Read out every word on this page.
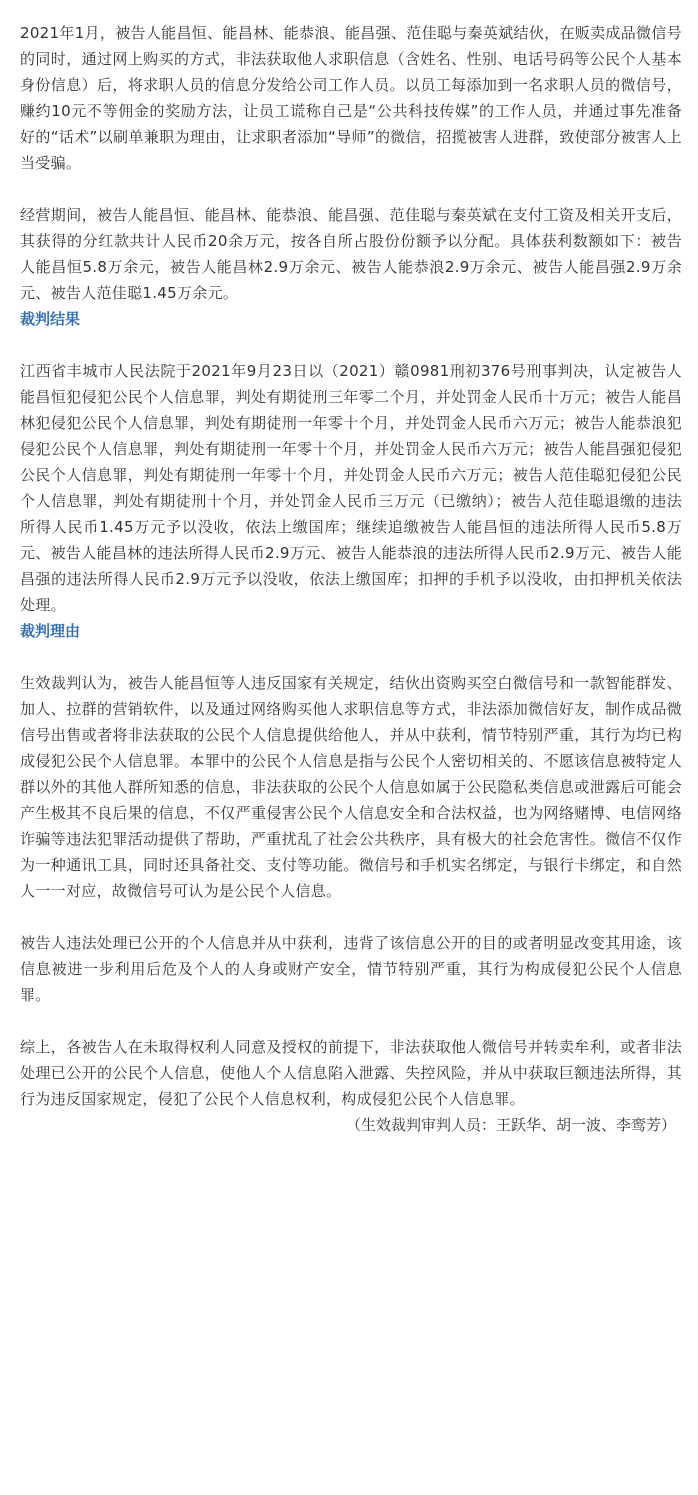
2021年1月，被告人能昌恒、能昌林、能恭浪、能昌强、范佳聪与秦英斌结伙，在贩卖成品微信号的同时，通过网上购买的方式，非法获取他人求职信息（含姓名、性别、电话号码等公民个人基本身份信息）后，将求职人员的信息分发给公司工作人员。以员工每添加到一名求职人员的微信号，赚约10元不等佣金的奖励方法，让员工谎称自己是“公共科技传媒”的工作人员，并通过事先准备好的“话术”以刷单兼职为理由，让求职者添加“导师”的微信，招揽被害人进群，致使部分被害人上当受骗。

经营期间，被告人能昌恒、能昌林、能恭浪、能昌强、范佳聪与秦英斌在支付工资及相关开支后，其获得的分红款共计人民币20余万元，按各自所占股份份额予以分配。具体获利数额如下：被告人能昌恒5.8万余元，被告人能昌林2.9万余元、被告人能恭浪2.9万余元、被告人能昌强2.9万余元、被告人范佳聪1.45万余元。

裁判结果

江西省丰城市人民法院于2021年9月23日以（2021）赣0981刑初376号刑事判决，认定被告人能昌恒犯侵犯公民个人信息罪，判处有期徒刑三年零二个月，并处罚金人民币十万元；被告人能昌林犯侵犯公民个人信息罪，判处有期徒刑一年零十个月，并处罚金人民币六万元；被告人能恭浪犯侵犯公民个人信息罪，判处有期徒刑一年零十个月，并处罚金人民币六万元；被告人能昌强犯侵犯公民个人信息罪，判处有期徒刑一年零十个月，并处罚金人民币六万元；被告人范佳聪犯侵犯公民个人信息罪，判处有期徒刑十个月，并处罚金人民币三万元（已缴纳）；被告人范佳聪退缴的违法所得人民币1.45万元予以没收，依法上缴国库；继续追缴被告人能昌恒的违法所得人民币5.8万元、被告人能昌林的违法所得人民币2.9万元、被告人能恭浪的违法所得人民币2.9万元、被告人能昌强的违法所得人民币2.9万元予以没收，依法上缴国库；扣押的手机予以没收，由扣押机关依法处理。

裁判理由

生效裁判认为，被告人能昌恒等人违反国家有关规定，结伙出资购买空白微信号和一款智能群发、加人、拉群的营销软件，以及通过网络购买他人求职信息等方式，非法添加微信好友，制作成品微信号出售或者将非法获取的公民个人信息提供给他人，并从中获利，情节特别严重，其行为均已构成侵犯公民个人信息罪。本罪中的公民个人信息是指与公民个人密切相关的、不愿该信息被特定人群以外的其他人群所知悉的信息，非法获取的公民个人信息如属于公民隐私类信息或泄露后可能会产生极其不良后果的信息，不仅严重侵害公民个人信息安全和合法权益，也为网络赌博、电信网络诈骗等违法犯罪活动提供了帮助，严重扰乱了社会公共秩序，具有极大的社会危害性。微信不仅作为一种通讯工具，同时还具备社交、支付等功能。微信号和手机实名绑定，与银行卡绑定，和自然人一一对应，故微信号可认为是公民个人信息。

被告人违法处理已公开的个人信息并从中获利，违背了该信息公开的目的或者明显改变其用途，该信息被进一步利用后危及个人的人身或财产安全，情节特别严重，其行为构成侵犯公民个人信息罪。

综上，各被告人在未取得权利人同意及授权的前提下，非法获取他人微信号并转卖牟利，或者非法处理已公开的公民个人信息，使他人个人信息陷入泄露、失控风险，并从中获取巨额违法所得，其行为违反国家规定，侵犯了公民个人信息权利，构成侵犯公民个人信息罪。

（生效裁判审判人员：王跃华、胡一波、李鸾芳）
